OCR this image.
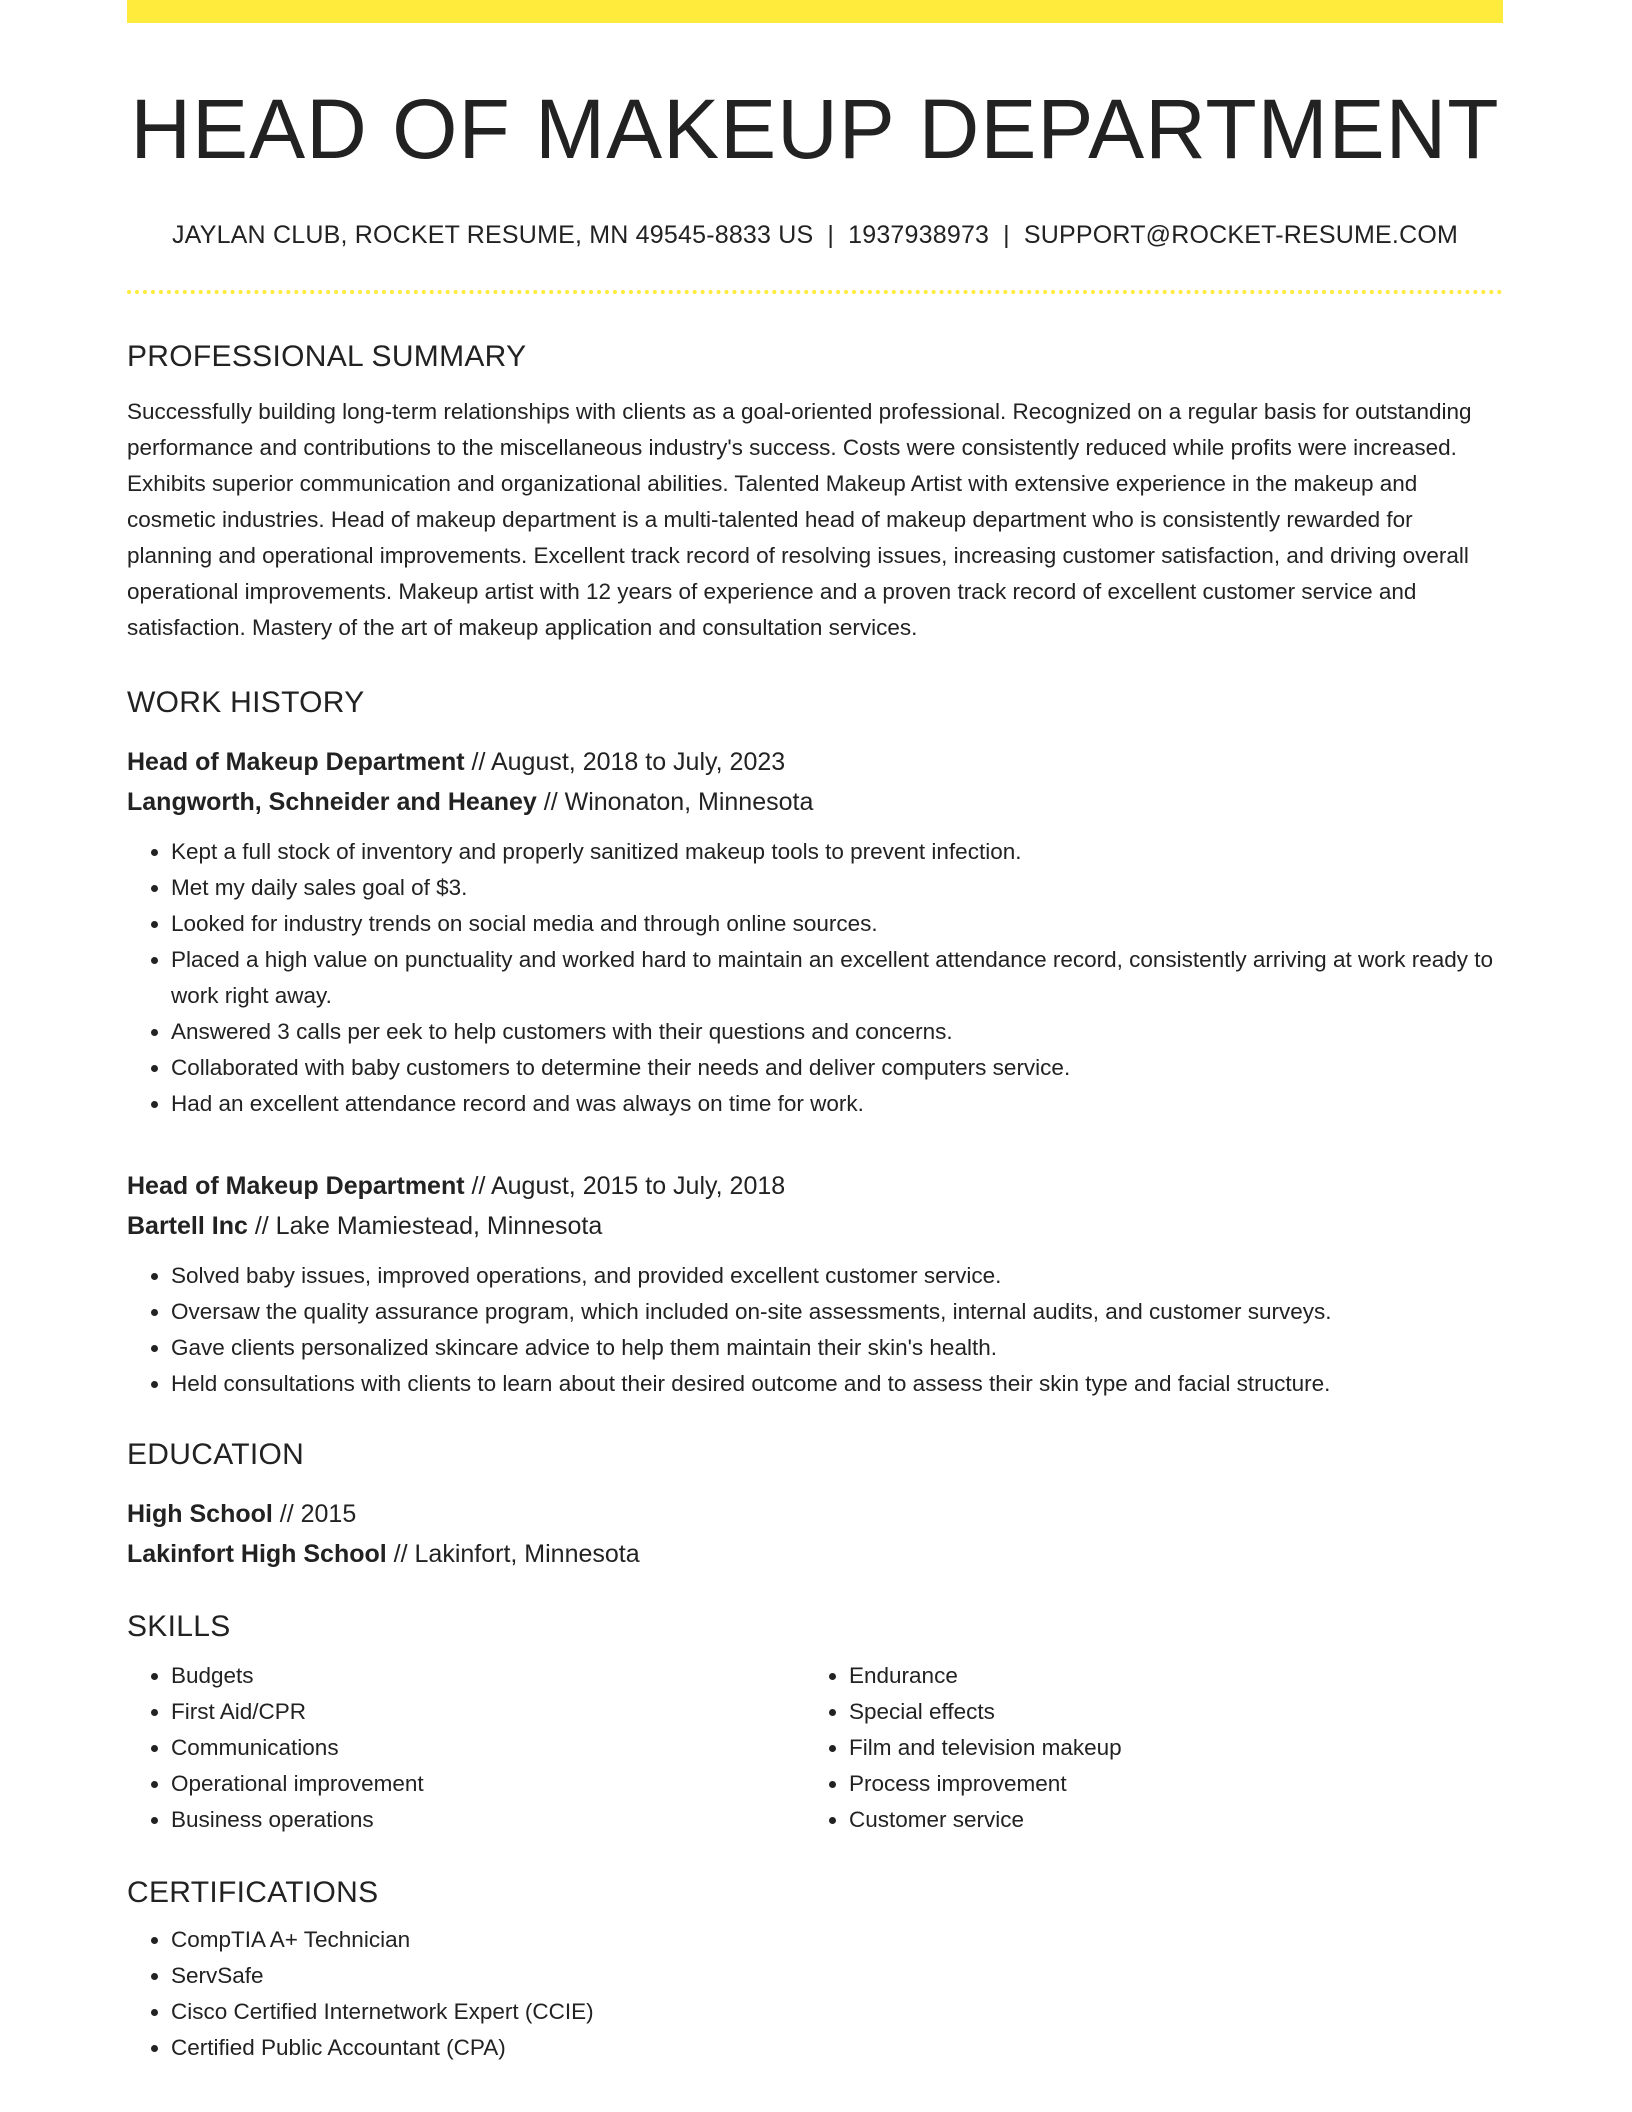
HEAD OF MAKEUP DEPARTMENT
JAYLAN CLUB, ROCKET RESUME, MN 49545-8833 US | 1937938973 | SUPPORT@ROCKET-RESUME.COM
PROFESSIONAL SUMMARY

Successfully building long-term relationships with clients as a goal-oriented professional. Recognized on a regular basis for outstanding performance and contributions to the miscellaneous industry's success. Costs were consistently reduced while profits were increased. Exhibits superior communication and organizational abilities. Talented Makeup Artist with extensive experience in the makeup and cosmetic industries. Head of makeup department is a multi-talented head of makeup department who is consistently rewarded for planning and operational improvements. Excellent track record of resolving issues, increasing customer satisfaction, and driving overall operational improvements. Makeup artist with 12 years of experience and a proven track record of excellent customer service and satisfaction. Mastery of the art of makeup application and consultation services.

WORK HISTORY
Head of Makeup Department // August, 2018 to July, 2023
Langworth, Schneider and Heaney // Winonaton, Minnesota
• Kept a full stock of inventory and properly sanitized makeup tools to prevent infection.
• Met my daily sales goal of $3.
• Looked for industry trends on social media and through online sources.
• Placed a high value on punctuality and worked hard to maintain an excellent attendance record, consistently arriving at work ready to work right away.
• Answered 3 calls per eek to help customers with their questions and concerns.
• Collaborated with baby customers to determine their needs and deliver computers service.
• Had an excellent attendance record and was always on time for work.
Head of Makeup Department // August, 2015 to July, 2018
Bartell Inc // Lake Mamiestead, Minnesota
• Solved baby issues, improved operations, and provided excellent customer service.
• Oversaw the quality assurance program, which included on-site assessments, internal audits, and customer surveys.
• Gave clients personalized skincare advice to help them maintain their skin's health.
• Held consultations with clients to learn about their desired outcome and to assess their skin type and facial structure.
EDUCATION
High School // 2015
Lakinfort High School // Lakinfort, Minnesota
SKILLS
• Budgets
• First Aid/CPR
• Communications
• Operational improvement
• Business operations
• Endurance
• Special effects
• Film and television makeup
• Process improvement
• Customer service
CERTIFICATIONS
• CompTIA A+ Technician
• ServSafe
• Cisco Certified Internetwork Expert (CCIE)
• Certified Public Accountant (CPA)
